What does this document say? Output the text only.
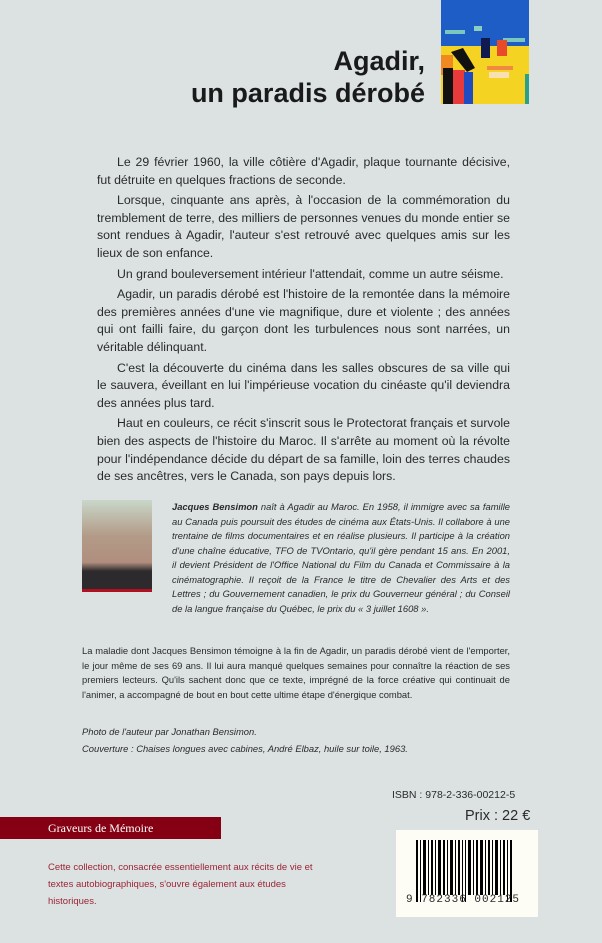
Agadir,
un paradis dérobé

Le 29 février 1960, la ville côtière d'Agadir, plaque tournante décisive, fut détruite en quelques fractions de seconde.

Lorsque, cinquante ans après, à l'occasion de la commémoration du tremblement de terre, des milliers de personnes venues du monde entier se sont rendues à Agadir, l'auteur s'est retrouvé avec quelques amis sur les lieux de son enfance.

Un grand bouleversement intérieur l'attendait, comme un autre séisme.

Agadir, un paradis dérobé est l'histoire de la remontée dans la mémoire des premières années d'une vie magnifique, dure et violente ; des années qui ont failli faire, du garçon dont les turbulences nous sont narrées, un véritable délinquant.

C'est la découverte du cinéma dans les salles obscures de sa ville qui le sauvera, éveillant en lui l'impérieuse vocation du cinéaste qu'il deviendra des années plus tard.

Haut en couleurs, ce récit s'inscrit sous le Protectorat français et survole bien des aspects de l'histoire du Maroc. Il s'arrête au moment où la révolte pour l'indépendance décide du départ de sa famille, loin des terres chaudes de ses ancêtres, vers le Canada, son pays depuis lors.

Jacques Bensimon naît à Agadir au Maroc. En 1958, il immigre avec sa famille au Canada puis poursuit des études de cinéma aux États-Unis. Il collabore à une trentaine de films documentaires et en réalise plusieurs. Il participe à la création d'une chaîne éducative, TFO de TVOntario, qu'il gère pendant 15 ans. En 2001, il devient Président de l'Office National du Film du Canada et Commissaire à la cinématographie. Il reçoit de la France le titre de Chevalier des Arts et des Lettres ; du Gouvernement canadien, le prix du Gouverneur général ; du Conseil de la langue française du Québec, le prix du « 3 juillet 1608 ».
La maladie dont Jacques Bensimon témoigne à la fin de Agadir, un paradis dérobé vient de l'emporter, le jour même de ses 69 ans. Il lui aura manqué quelques semaines pour connaître la réaction de ses premiers lecteurs. Qu'ils sachent donc que ce texte, imprégné de la force créative qui continuait de l'animer, a accompagné de bout en bout cette ultime étape d'énergique combat.
Photo de l'auteur par Jonathan Bensimon.
Couverture : Chaises longues avec cabines, André Elbaz, huile sur toile, 1963.
ISBN : 978-2-336-00212-5
Prix : 22 €
Graveurs de Mémoire
Cette collection, consacrée essentiellement aux récits de vie et textes autobiographiques, s'ouvre également aux études historiques.	9 782336 002125
